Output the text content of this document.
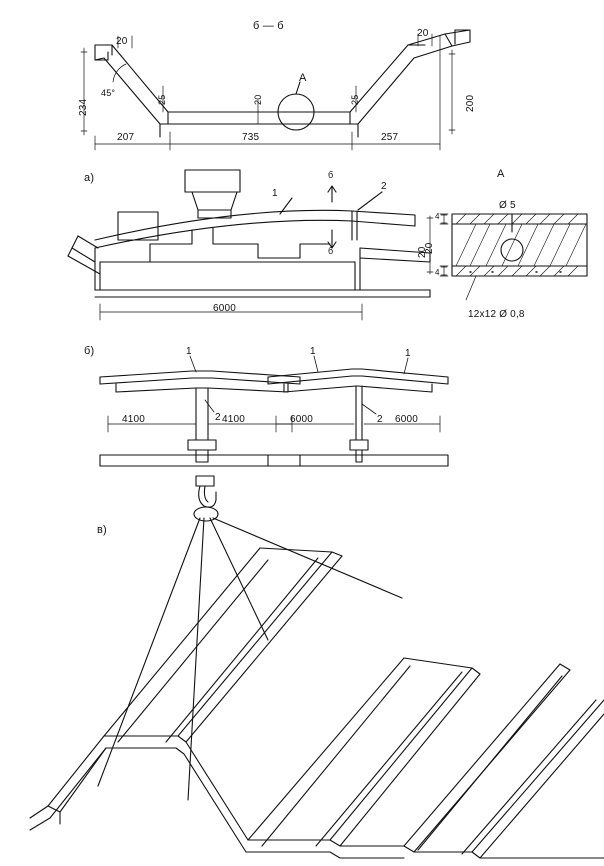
б — б
20
234
45°
25	20	25
20
200
207	735	257
А
а)
1
2
б
б
6000
20
А
Ø 5
4
4
20
12x12 Ø 0,8
б)	1
2
4100	4100
1	1
2
6000	6000
в)
